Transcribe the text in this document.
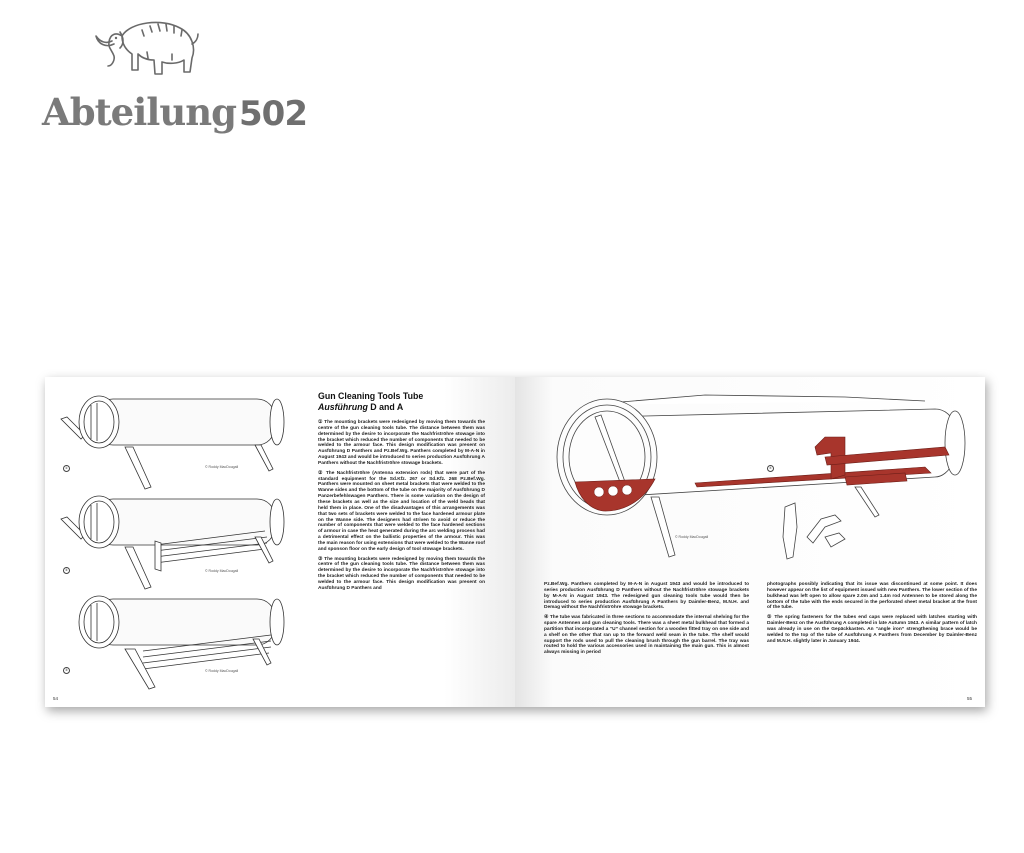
Abteilung502
①	© Roddy MacDougall
②	© Roddy MacDougall
③	© Roddy MacDougall
Gun Cleaning Tools Tube
Ausführung D and A

① The mounting brackets were redesigned by moving them towards the centre of the gun cleaning tools tube. The distance between them was determined by the desire to incorporate the Nachfriströhre stowage into the bracket which reduced the number of components that needed to be welded to the armour face. This design modification was present on Ausführung D Panthers and Pz.Bef.Wg. Panthers completed by M-A-N in August 1943 and would be introduced to series production Ausführung A Panthers without the Nachfriströhre stowage brackets.

② The Nachfriströhre (Antenna extension rods) that were part of the standard equipment for the Sd.Kfz. 267 or Sd.Kfz. 268 Pz.Bef.Wg. Panthers were mounted on sheet metal brackets that were welded to the Wanne sides and the bottom of the tube on the majority of Ausführung D Panzerbefehlswagen Panthers. There is some variation on the design of these brackets as well as the size and location of the weld beads that held them in place. One of the disadvantages of this arrangements was that two sets of brackets were welded to the face hardened armour plate on the Wanne side. The designers had striven to avoid or reduce the number of components that were welded to the face hardened sections of armour in case the heat generated during the arc welding process had a detrimental effect on the ballistic properties of the armour. This was the main reason for using extensions that were welded to the Wanne roof and sponson floor on the early design of tool stowage brackets.

③ The mounting brackets were redesigned by moving them towards the centre of the gun cleaning tools tube. The distance between them was determined by the desire to incorporate the Nachfriströhre stowage into the bracket which reduced the number of components that needed to be welded to the armour face. This design modification was present on Ausführung D Panthers and

54
④
© Roddy MacDougall

Pz.Bef.Wg. Panthers completed by M-A-N in August 1943 and would be introduced to series production Ausführung D Panthers without the Nachfriströhre stowage brackets by M-A-N in August 1943. The redesigned gun cleaning tools tube would then be introduced to series production Ausführung A Panthers by Daimler-Benz, M.N.H. and Demag without the Nachfriströhre stowage brackets.

④ The tube was fabricated in three sections to accommodate the internal shelving for the spare Antennen and gun cleaning tools. There was a sheet metal bulkhead that formed a partition that incorporated a “U” channel section for a wooden fitted tray on one side and a shelf on the other that ran up to the forward weld seam in the tube. The shelf would support the rods used to pull the cleaning brush through the gun barrel. The tray was routed to hold the various accessories used in maintaining the main gun. This is almost always missing in period

photographs possibly indicating that its issue was discontinued at some point. It does however appear on the list of equipment issued with new Panthers. The lower section of the bulkhead was left open to allow spare 2.0m and 1.4m rod Antennen to be stored along the bottom of the tube with the ends secured in the perforated sheet metal bracket at the front of the tube.

⑤ The spring fasteners for the tubes end caps were replaced with latches starting with Daimler-Benz on the Ausführung A completed in late Autumn 1943. A similar pattern of latch was already in use on the Gepäckkasten. An “angle iron” strengthening brace would be welded to the top of the tube of Ausführung A Panthers from December by Daimler-Benz and M.N.H. slightly later in January 1944.

55
